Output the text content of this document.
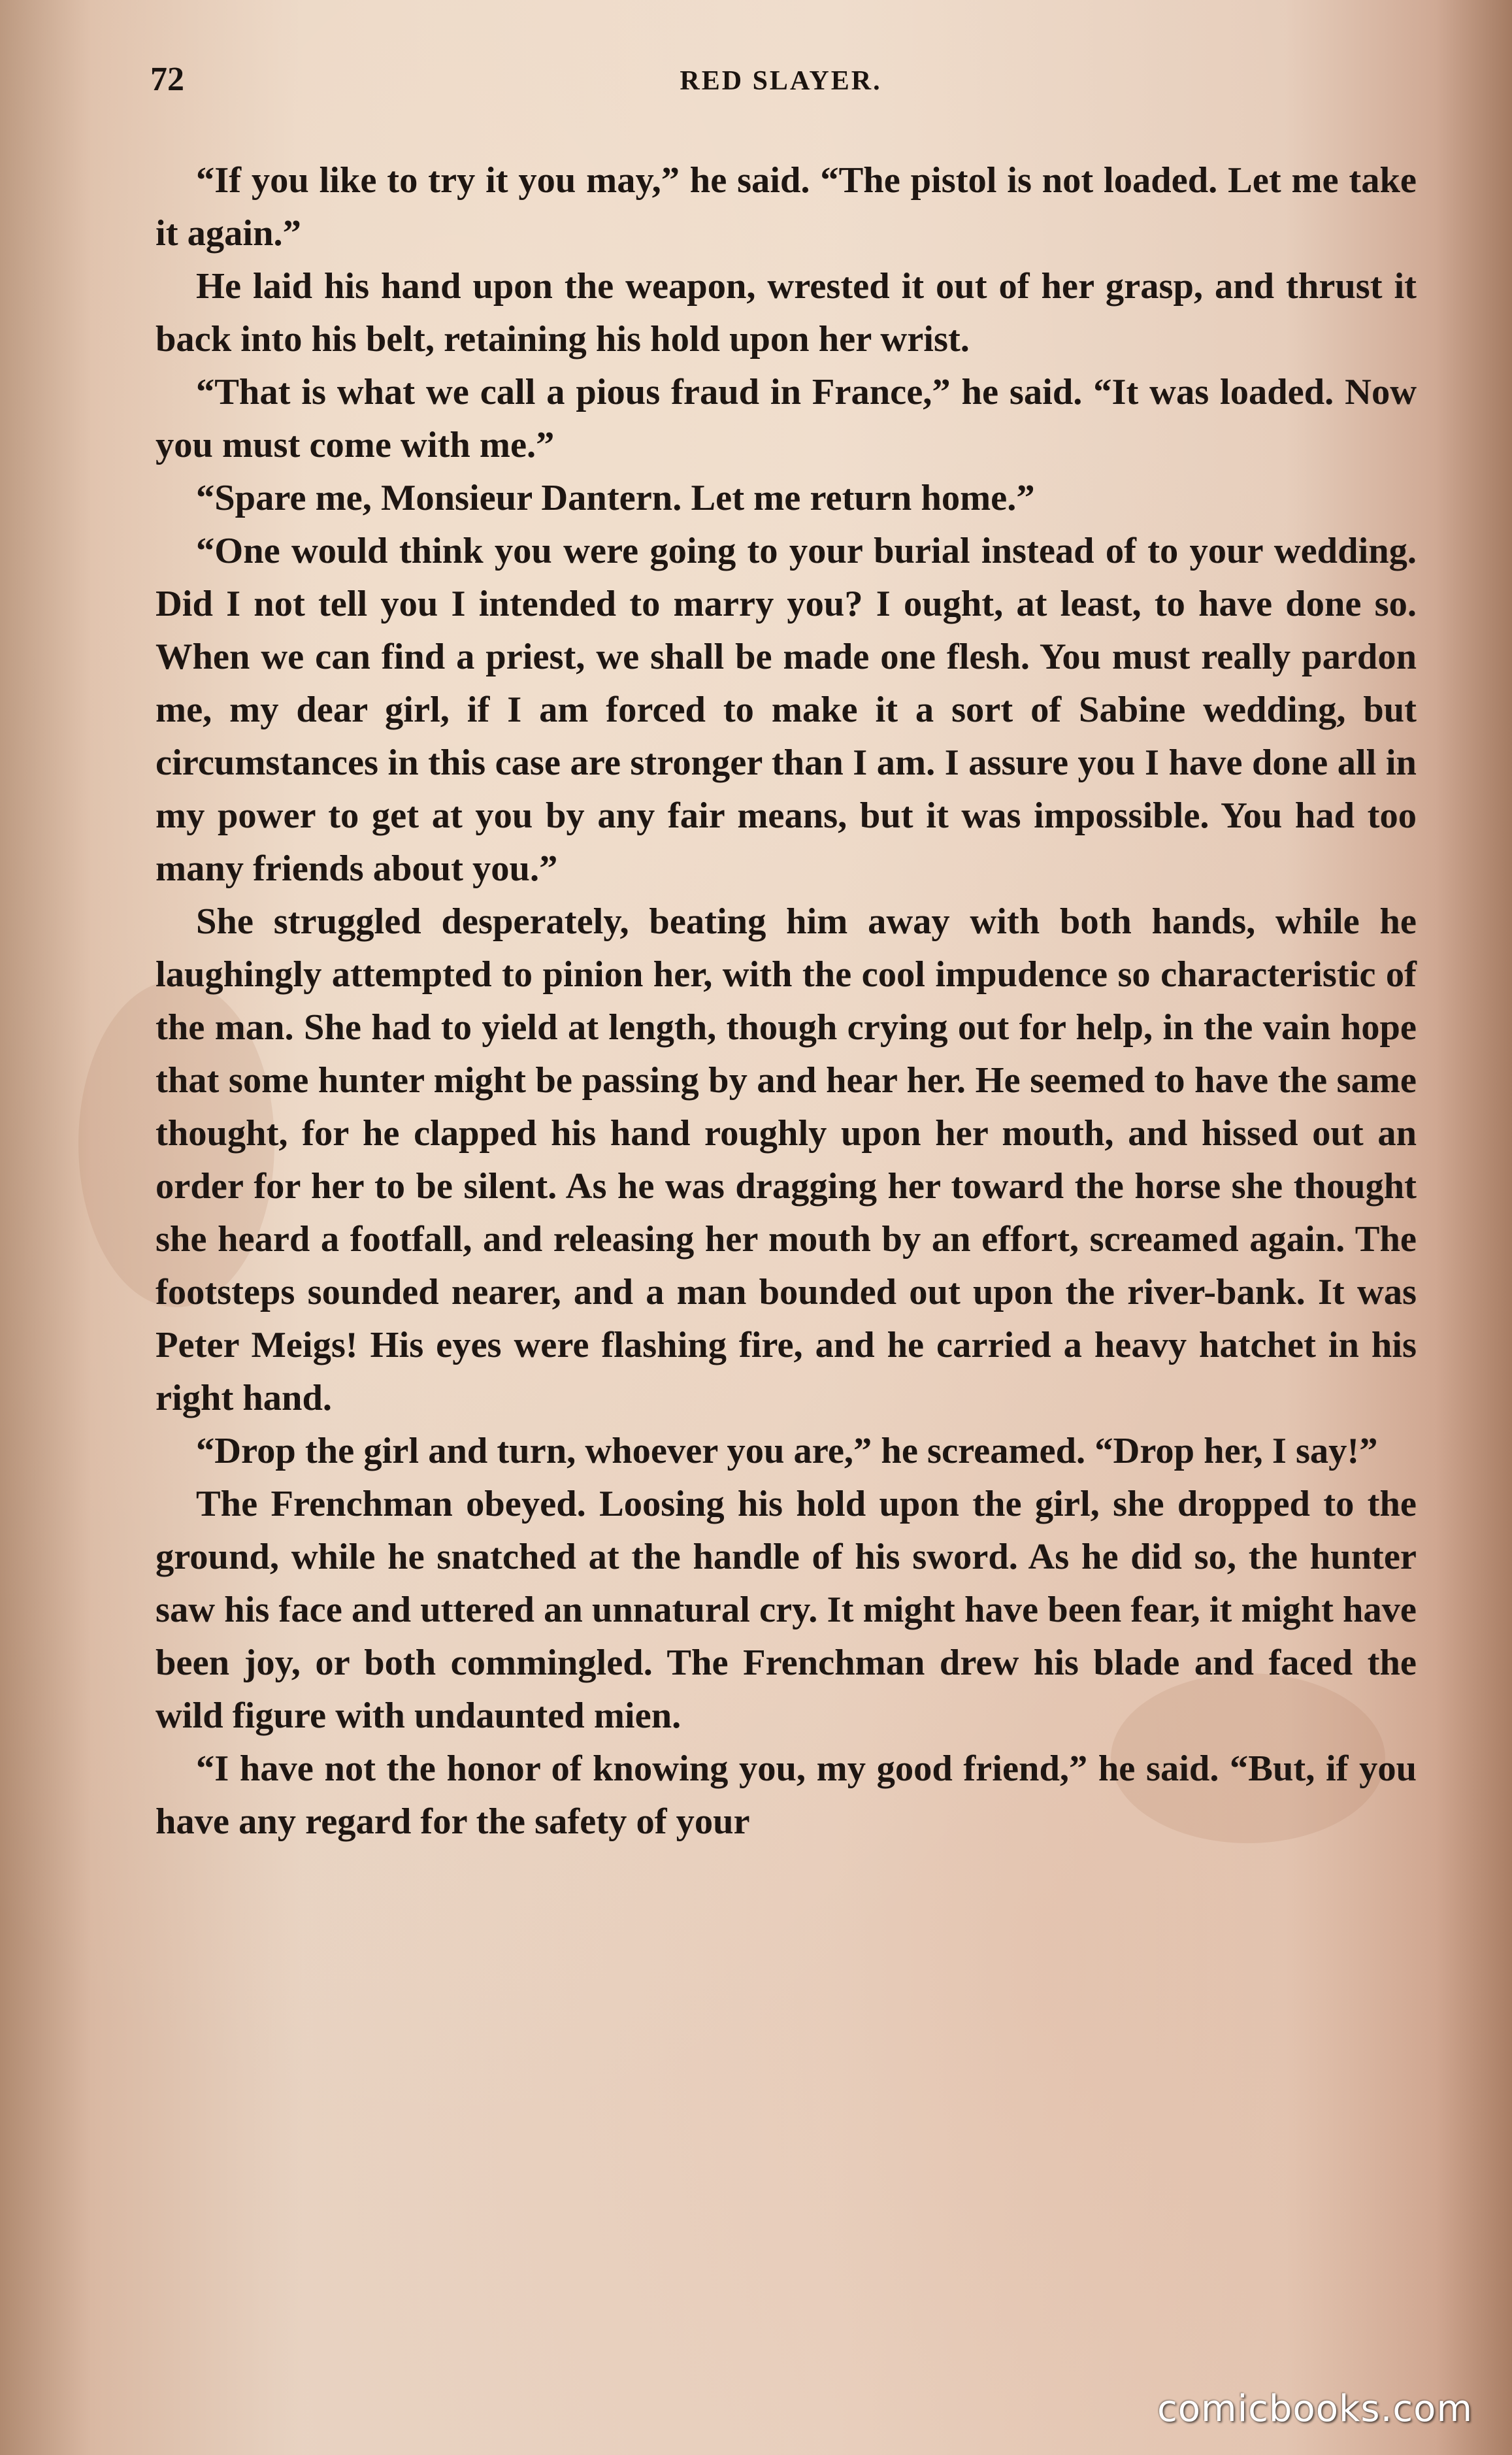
72	RED SLAYER.

“If you like to try it you may,” he said. “The pistol is not loaded. Let me take it again.”

He laid his hand upon the weapon, wrested it out of her grasp, and thrust it back into his belt, retaining his hold upon her wrist.

“That is what we call a pious fraud in France,” he said. “It was loaded. Now you must come with me.”

“Spare me, Monsieur Dantern. Let me return home.”

“One would think you were going to your burial instead of to your wedding. Did I not tell you I intended to marry you? I ought, at least, to have done so. When we can find a priest, we shall be made one flesh. You must really pardon me, my dear girl, if I am forced to make it a sort of Sabine wedding, but circumstances in this case are stronger than I am. I assure you I have done all in my power to get at you by any fair means, but it was impossible. You had too many friends about you.”

She struggled desperately, beating him away with both hands, while he laughingly attempted to pinion her, with the cool impudence so characteristic of the man. She had to yield at length, though crying out for help, in the vain hope that some hunter might be passing by and hear her. He seemed to have the same thought, for he clapped his hand roughly upon her mouth, and hissed out an order for her to be silent. As he was dragging her toward the horse she thought she heard a footfall, and releasing her mouth by an effort, screamed again. The footsteps sounded nearer, and a man bounded out upon the river-bank. It was Peter Meigs! His eyes were flashing fire, and he carried a heavy hatchet in his right hand.

“Drop the girl and turn, whoever you are,” he screamed. “Drop her, I say!”

The Frenchman obeyed. Loosing his hold upon the girl, she dropped to the ground, while he snatched at the handle of his sword. As he did so, the hunter saw his face and uttered an unnatural cry. It might have been fear, it might have been joy, or both commingled. The Frenchman drew his blade and faced the wild figure with undaunted mien.

“I have not the honor of knowing you, my good friend,” he said. “But, if you have any regard for the safety of your

comicbooks.com
